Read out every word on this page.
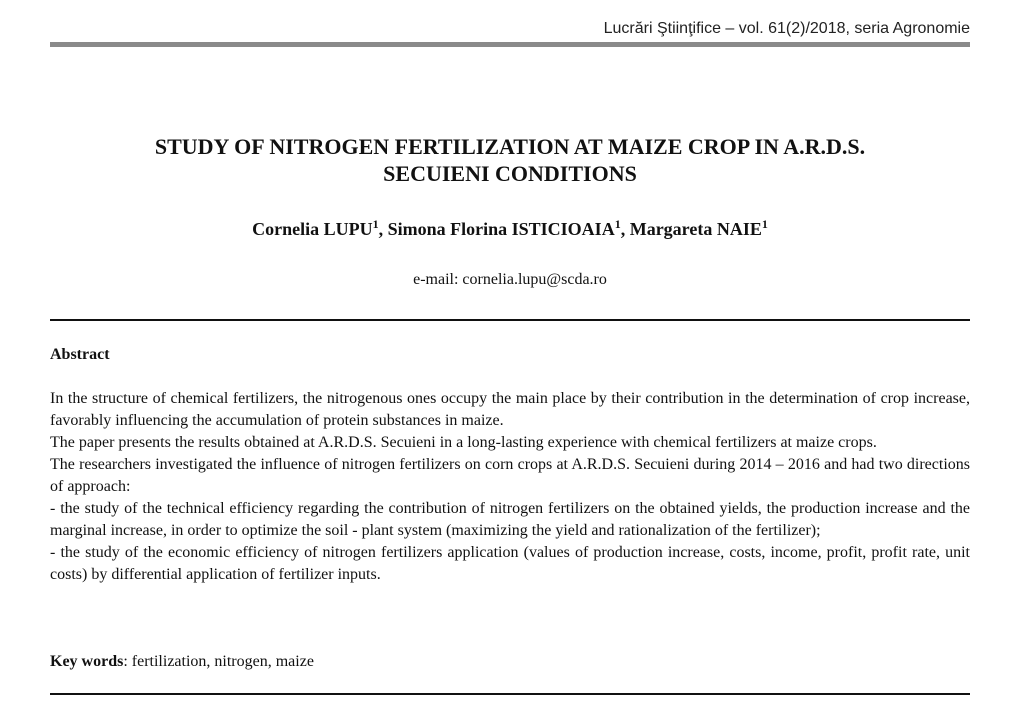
Lucrări Ştiinţifice – vol. 61(2)/2018, seria Agronomie
STUDY OF NITROGEN FERTILIZATION AT MAIZE CROP IN A.R.D.S.
SECUIENI CONDITIONS
Cornelia LUPU$^1$, Simona Florina ISTICIOAIA$^1$, Margareta NAIE$^1$
e-mail: cornelia.lupu@scda.ro
Abstract

In the structure of chemical fertilizers, the nitrogenous ones occupy the main place by their contribution in the determination of crop increase, favorably influencing the accumulation of protein substances in maize.

The paper presents the results obtained at A.R.D.S. Secuieni in a long-lasting experience with chemical fertilizers at maize crops.

The researchers investigated the influence of nitrogen fertilizers on corn crops at A.R.D.S. Secuieni during 2014 – 2016 and had two directions of approach:

- the study of the technical efficiency regarding the contribution of nitrogen fertilizers on the obtained yields, the production increase and the marginal increase, in order to optimize the soil - plant system (maximizing the yield and rationalization of the fertilizer);

- the study of the economic efficiency of nitrogen fertilizers application (values of production increase, costs, income, profit, profit rate, unit costs) by differential application of fertilizer inputs.

Key words: fertilization, nitrogen, maize
